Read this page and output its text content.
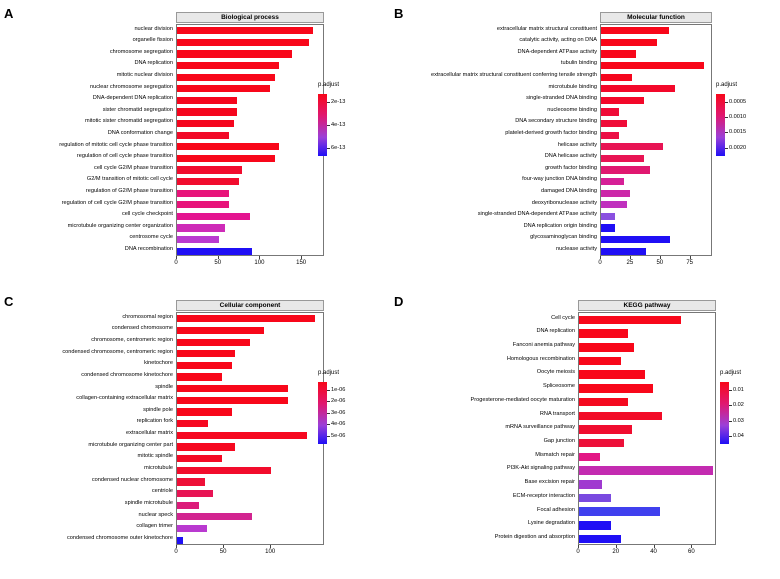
A	Biological process
nuclear division
organelle fission
chromosome segregation
DNA replication
mitotic nuclear division
nuclear chromosome segregation
DNA-dependent DNA replication
sister chromatid segregation
mitotic sister chromatid segregation
DNA conformation change
regulation of mitotic cell cycle phase transition
regulation of cell cycle phase transition
cell cycle G2/M phase transition
G2/M transition of mitotic cell cycle
regulation of G2/M phase transition
regulation of cell cycle G2/M phase transition
cell cycle checkpoint
microtubule organizing center organization
centrosome cycle
DNA recombination
0	50	100	150
p.adjust
2e-13
4e-13
6e-13
B	Molecular function
extracellular matrix structural constituent
catalytic activity, acting on DNA
DNA-dependent ATPase activity
tubulin binding
extracellular matrix structural constituent conferring tensile strength
microtubule binding
single-stranded DNA binding
nucleosome binding
DNA secondary structure binding
platelet-derived growth factor binding
helicase activity
DNA helicase activity
growth factor binding
four-way junction DNA binding
damaged DNA binding
deoxyribonuclease activity
single-stranded DNA-dependent ATPase activity
DNA replication origin binding
glycosaminoglycan binding
nuclease activity
0	25	50	75
p.adjust
0.0005
0.0010
0.0015
0.0020
C	Cellular component
chromosomal region
condensed chromosome
chromosome, centromeric region
condensed chromosome, centromeric region
kinetochore
condensed chromosome kinetochore
spindle
collagen-containing extracellular matrix
spindle pole
replication fork
extracellular matrix
microtubule organizing center part
mitotic spindle
microtubule
condensed nuclear chromosome
centriole
spindle microtubule
nuclear speck
collagen trimer
condensed chromosome outer kinetochore
0	50	100
p.adjust
1e-06
2e-06
3e-06
4e-06
5e-06
D	KEGG pathway
Cell cycle
DNA replication
Fanconi anemia pathway
Homologous recombination
Oocyte meiosis
Spliceosome
Progesterone-mediated oocyte maturation
RNA transport
mRNA surveillance pathway
Gap junction
Mismatch repair
PI3K-Akt signaling pathway
Base excision repair
ECM-receptor interaction
Focal adhesion
Lysine degradation
Protein digestion and absorption
0	20	40	60
p.adjust
0.01
0.02
0.03
0.04
